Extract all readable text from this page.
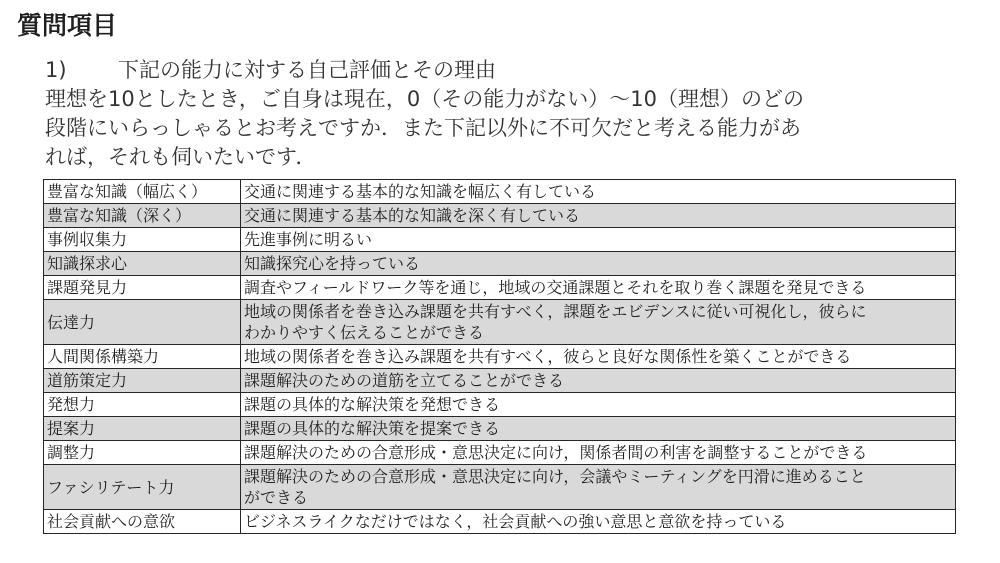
質問項目
1) 下記の能力に対する自己評価とその理由
理想を10としたとき，ご自身は現在，0（その能力がない）～10（理想）のどの
段階にいらっしゃるとお考えですか．また下記以外に不可欠だと考える能力があ
れば，それも伺いたいです．
豊富な知識（幅広く）	交通に関連する基本的な知識を幅広く有している

豊富な知識（深く）	交通に関連する基本的な知識を深く有している

事例収集力	先進事例に明るい

知識探求心	知識探究心を持っている

課題発見力	調査やフィールドワーク等を通じ，地域の交通課題とそれを取り巻く課題を発見できる

伝達力	地域の関係者を巻き込み課題を共有すべく，課題をエビデンスに従い可視化し，彼らに
わかりやすく伝えることができる

人間関係構築力	地域の関係者を巻き込み課題を共有すべく，彼らと良好な関係性を築くことができる

道筋策定力	課題解決のための道筋を立てることができる

発想力	課題の具体的な解決策を発想できる

提案力	課題の具体的な解決策を提案できる

調整力	課題解決のための合意形成・意思決定に向け，関係者間の利害を調整することができる

ファシリテート力	課題解決のための合意形成・意思決定に向け，会議やミーティングを円滑に進めること
ができる

社会貢献への意欲	ビジネスライクなだけではなく，社会貢献への強い意思と意欲を持っている
